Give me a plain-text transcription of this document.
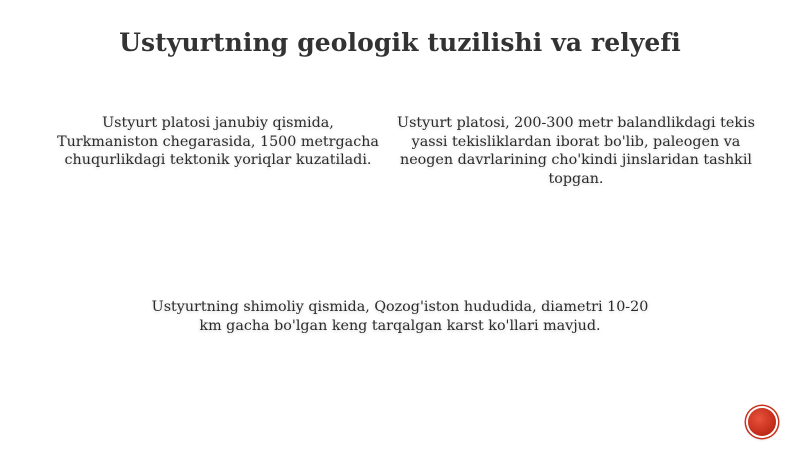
Ustyurtning geologik tuzilishi va relyefi

Ustyurt platosi janubiy qismida,
Turkmaniston chegarasida, 1500 metrgacha
chuqurlikdagi tektonik yoriqlar kuzatiladi.

Ustyurt platosi, 200-300 metr balandlikdagi tekis
yassi tekisliklardan iborat bo'lib, paleogen va
neogen davrlarining cho'kindi jinslaridan tashkil
topgan.

Ustyurtning shimoliy qismida, Qozog'iston hududida, diametri 10-20
km gacha bo'lgan keng tarqalgan karst ko'llari mavjud.
